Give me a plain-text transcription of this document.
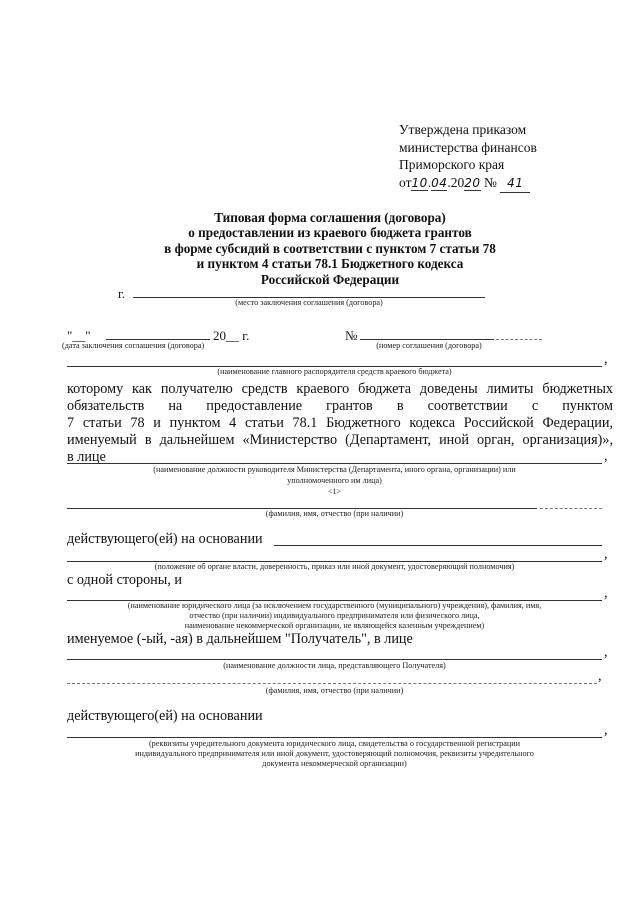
Утверждена приказом
министерства финансов
Приморского края
от10.04.2020 № 41
Типовая форма соглашения (договора)
о предоставлении из краевого бюджета грантов
в форме субсидий в соответствии с пунктом 7 статьи 78
и пунктом 4 статьи 78.1 Бюджетного кодекса
Российской Федерации
г.
(место заключения соглашения (договора)
"__"	20__ г.
(дата заключения соглашения (договора)
№
(номер соглашения (договора)
,
(наименование главного распорядителя средств краевого бюджета)
которому как получателю средств краевого бюджета доведены лимиты бюджетных
обязательств на предоставление грантов в соответствии с пунктом
7 статьи 78 и пунктом 4 статьи 78.1 Бюджетного кодекса Российской Федерации,
именуемый в дальнейшем «Министерство (Департамент, иной орган, организация)»,
в лице	,
(наименование должности руководителя Министерства (Департамента, иного органа, организации) или
уполномоченного им лица)
<1>
(фамилия, имя, отчество (при наличии)
действующего(ей) на основании
,
(положение об органе власти, доверенность, приказ или иной документ, удостоверяющий полномочия)
с одной стороны, и
,
(наименование юридического лица (за исключением государственного (муниципального) учреждения), фамилия, имя,
отчество (при наличии) индивидуального предпринимателя или физического лица,
наименование некоммерческой организации, не являющейся казенным учреждением)
именуемое (-ый, -ая) в дальнейшем "Получатель", в лице
,
(наименование должности лица, представляющего Получателя)
,
(фамилия, имя, отчество (при наличии)
действующего(ей) на основании
,
(реквизиты учредительного документа юридического лица, свидетельства о государственной регистрации
индивидуального предпринимателя или иной документ, удостоверяющий полномочия, реквизиты учредительного
документа некоммерческой организации)
